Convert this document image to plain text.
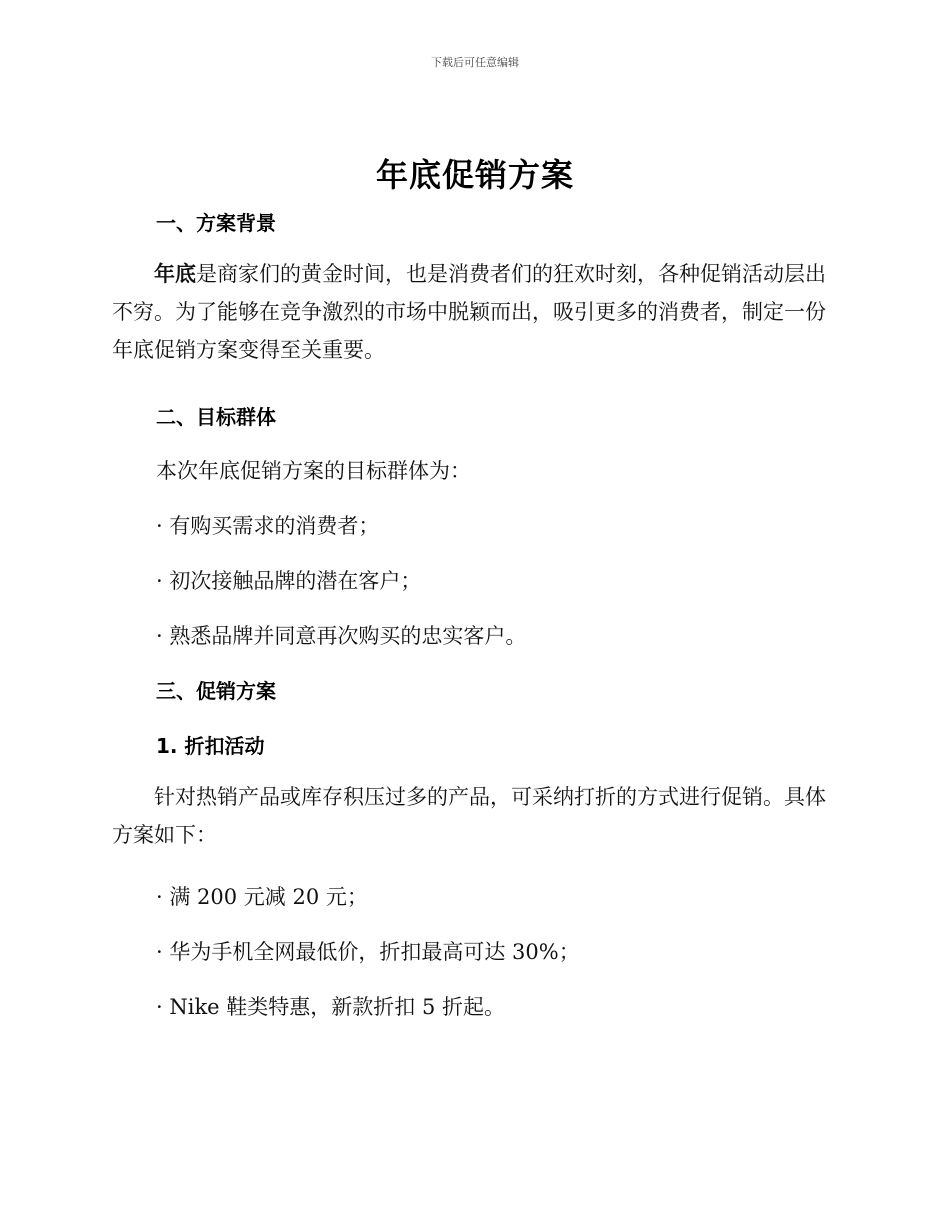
下载后可任意编辑
年底促销方案
一、方案背景
年底是商家们的黄金时间，也是消费者们的狂欢时刻，各种促销活动层出不穷。为了能够在竞争激烈的市场中脱颖而出，吸引更多的消费者，制定一份年底促销方案变得至关重要。
二、目标群体
本次年底促销方案的目标群体为：
· 有购买需求的消费者；
· 初次接触品牌的潜在客户；
· 熟悉品牌并同意再次购买的忠实客户。
三、促销方案
1. 折扣活动
针对热销产品或库存积压过多的产品，可采纳打折的方式进行促销。具体方案如下：
· 满 200 元减 20 元；
· 华为手机全网最低价，折扣最高可达 30%；
· Nike 鞋类特惠，新款折扣 5 折起。
